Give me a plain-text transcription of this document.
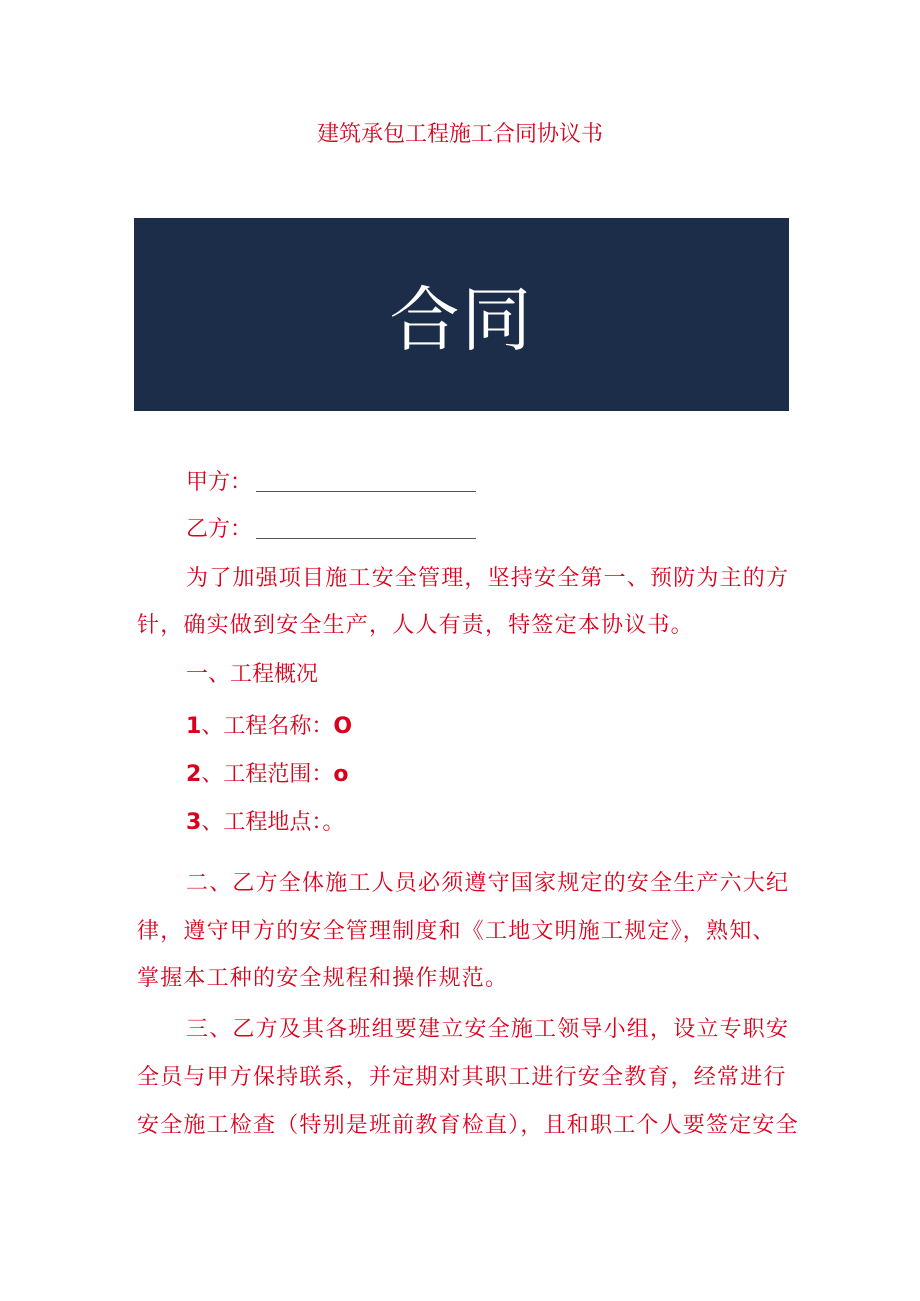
建筑承包工程施工合同协议书
合同
甲方：
乙方：
为了加强项目施工安全管理，坚持安全第一、预防为主的方
针，确实做到安全生产，人人有责，特签定本协议书。
一、工程概况
1、工程名称：O
2、工程范围：o
3、工程地点：。
二、乙方全体施工人员必须遵守国家规定的安全生产六大纪
律，遵守甲方的安全管理制度和《工地文明施工规定》，熟知、
掌握本工种的安全规程和操作规范。
三、乙方及其各班组要建立安全施工领导小组，设立专职安
全员与甲方保持联系，并定期对其职工进行安全教育，经常进行
安全施工检查（特别是班前教育检直），且和职工个人要签定安全
